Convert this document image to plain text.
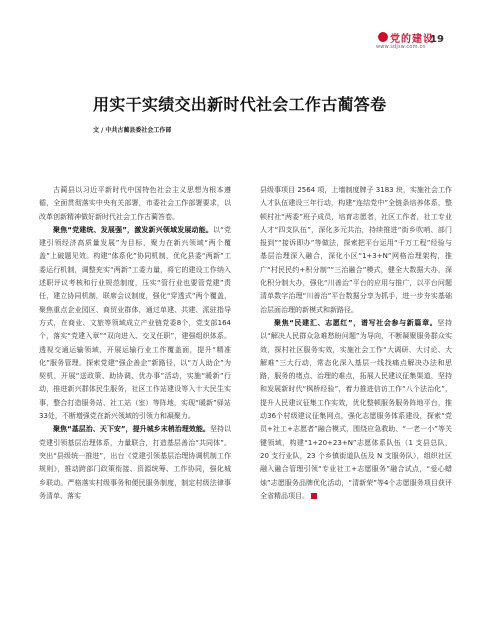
党的建设
www.sdjsw.com.cn
19
用实干实绩交出新时代社会工作古蔺答卷
文 / 中共古蔺县委社会工作部

古蔺县以习近平新时代中国特色社会主义思想为根本遵循，全面贯彻落实中央有关部署，市委社会工作部署要求，以改革创新精神做好新时代社会工作古蔺答卷。

聚焦“党建统、发展强”，激发新兴领域发展动能。以“党建引领经济高质量发展”为目标，聚力在新兴领域“两个覆盖”上破题见效。构建“体系化”协同机制，优化县委“两新”工委运行机制，调整充实“两新”工委力量，将它的建设工作纳入述职评议考核和行业规范制度，压实“管行业也要管党建”责任，建立协同机制，联席会议制度，强化“穿透式”两个覆盖，聚焦重点企业园区、商贸业群体，通过单建、共建、派驻指导方式，在商业、文旅等领域成立产业链党委8个，党支部164个，落实“党建入章”“双向进入、交叉任职”，建强组织体系。透视交通运输领域，开展运输行业工作覆盖面，提升“精准化”服务管理。探索党建“强企善企”新路径，以“万人助企”为契机，开展“送政策、助协调、优办事”活动，实施“暖新”行动，推进新兴群体民生服务，社区工作站建设等入十大民生实事，整合打造服务站、社工站（室）等阵地，实现“暖新”驿站33处，不断增强党在新兴领域的引领力和凝聚力。

聚焦“基层治、天下安”，提升城乡末梢治理效能。坚持以党建引领基层治理体系，力量联合，打造基层善治“共同体”。突出“县级统一推进”，出台《党建引领基层治理协调机制工作规则》，推动跨部门政策衔接、资源统筹、工作协同，强化城乡联动。严格落实村级事务和便民服务制度，制定村级法律事务清单、落实

县级事项目 2564 项，上墙制度牌子 3183 块，实施社会工作人才队伍建设三年行动，构建“连结党中”全链条培养体系，整顿村社“两委”班子成员，培育志愿者，社区工作者，社工专业人才“四支队伍”，深化多元共治，持续推进“街乡吹哨、部门报到”“接诉即办”等做法，探索把平台运用“千万工程”经验与基层治理深入融合，深化小区“1+3+N”网格治理架构，推广“村民民约+积分制”“三治融合”模式，健全大数据大办，深化积分制大办，强化“川善治”平台的应用与推广，以平台问题清单数字治理“川善治”平台数据分享为抓手，进一步夯实基础治层面治理的新模式和新路径。

聚焦“民建汇、志愿红”，谱写社会参与新篇章。坚持以“解决人民群众急难愁盼问题”为导向，不断凝聚服务群众实效，探村社区服务实效，实施社会工作“大调研、大讨论、大解难”三大行动，常态化深入基层一线找痛点解决办法和思路，服务的堵点、治理的难点，拓展人民建议征集渠道，坚持和发展新时代“枫桥经验”，着力推进信访工作“八个法治化”，提升人民建议征集工作实效，优化整顿服务服务阵地平台，推动36个村级建议征集网点，强化志愿服务体系建设，探索“党员+社工+志愿者”融合模式，围绕应急救助、“一老一小”等关键领域，构建“1+20+23+N”志愿体系队伍（1 支县总队，20 支行业队，23 个乡镇街道队伍及 N 支服务队），组织社区融入融合管理引领“专业社工+志愿服务”融合试点，“爱心蜡烛”志愿服务品牌优化活动，“清新荣”等4个志愿服务项目获评全省精品项目。
